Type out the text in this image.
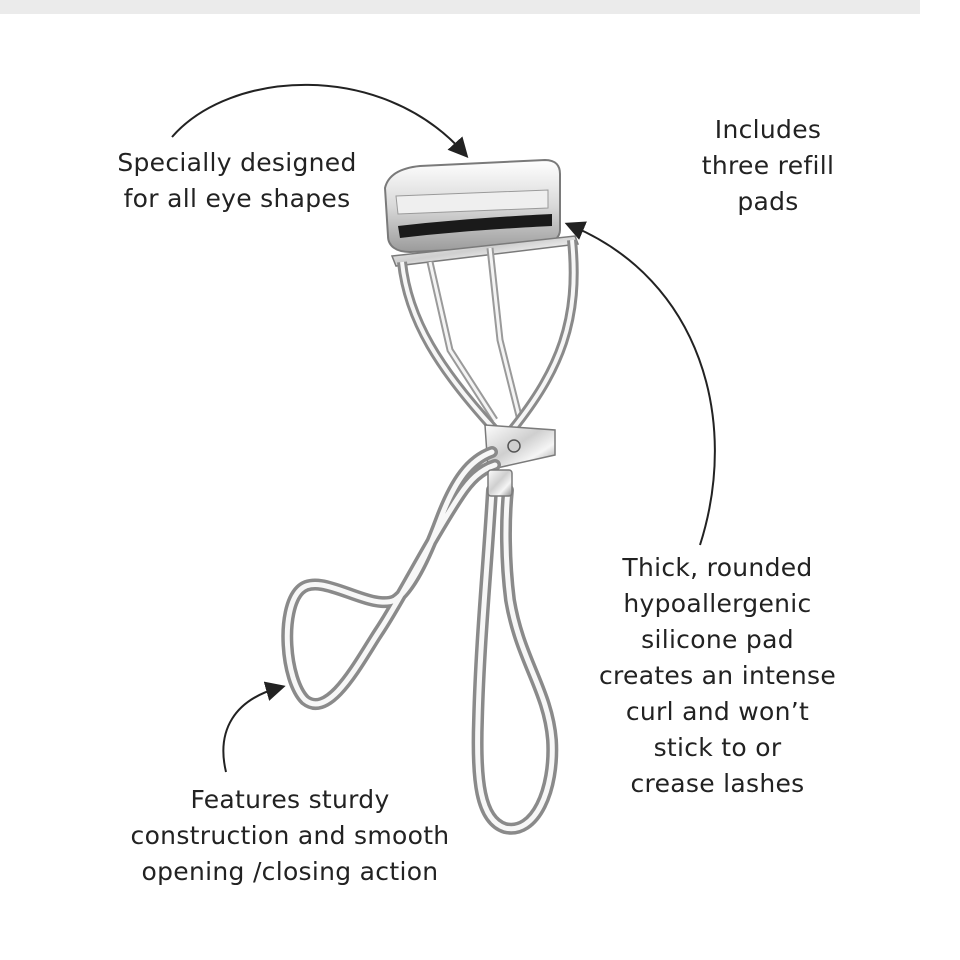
Specially designed
for all eye shapes
Includes
three refill
pads
Thick, rounded
hypoallergenic
silicone pad
creates an intense
curl and won’t
stick to or
crease lashes
Features sturdy
construction and smooth
opening /closing action
